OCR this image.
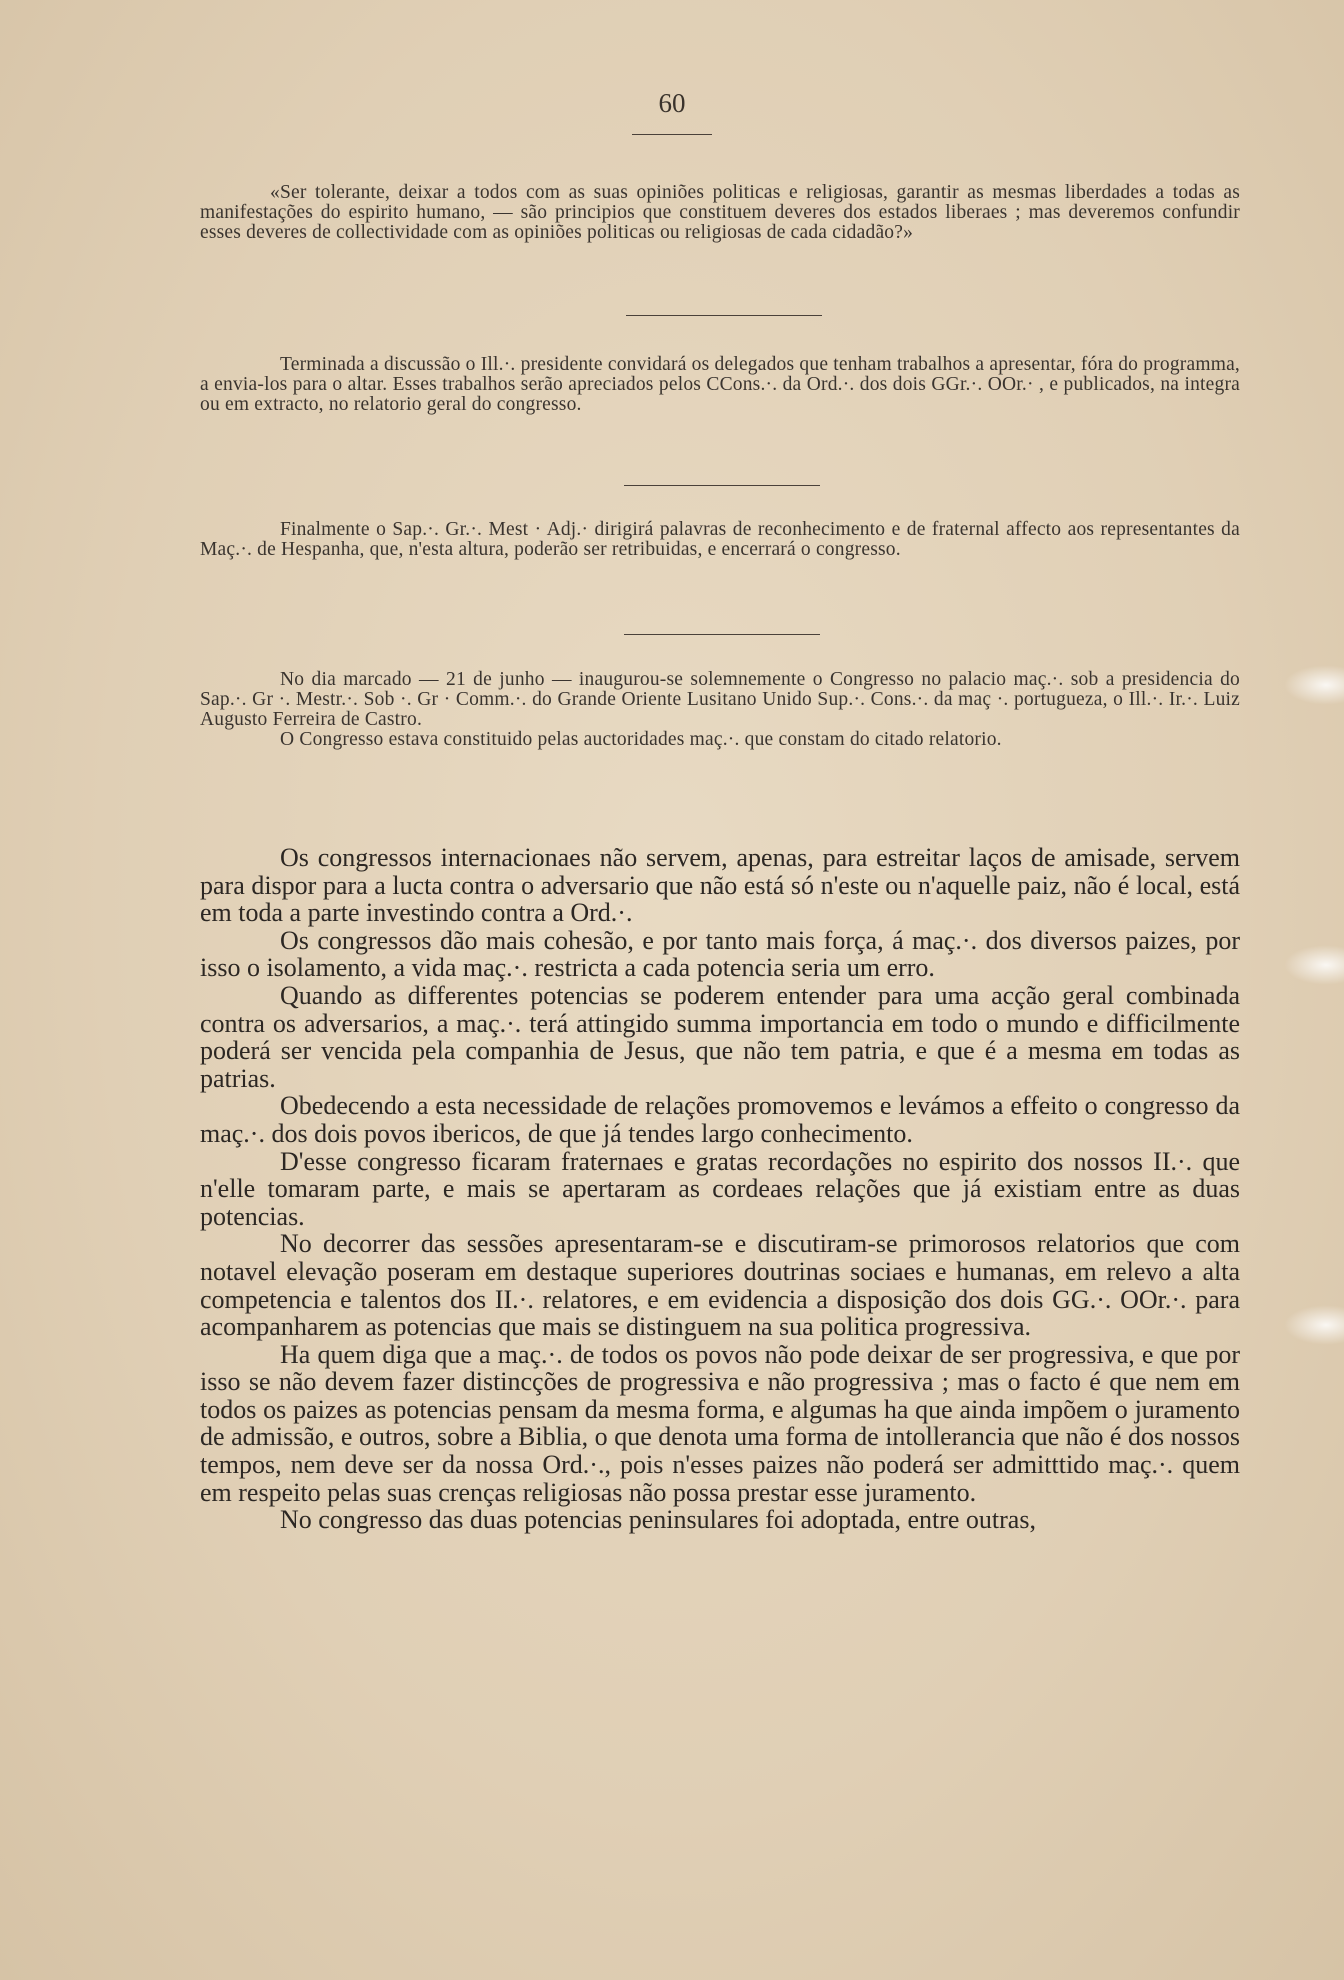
60

«Ser tolerante, deixar a todos com as suas opiniões politicas e religiosas, garantir as mesmas liberdades a todas as manifestações do espirito humano, — são principios que constituem deveres dos estados liberaes ; mas deveremos confundir esses deveres de collectividade com as opiniões politicas ou religiosas de cada cidadão?»

Terminada a discussão o Ill.·. presidente convidará os delegados que tenham trabalhos a apresentar, fóra do programma, a envia-los para o altar. Esses trabalhos serão apreciados pelos CCons.·. da Ord.·. dos dois GGr.·. OOr.· , e publicados, na integra ou em extracto, no relatorio geral do congresso.

Finalmente o Sap.·. Gr.·. Mest · Adj.· dirigirá palavras de reconhecimento e de fraternal affecto aos representantes da Maç.·. de Hespanha, que, n'esta altura, poderão ser retribuidas, e encerrará o congresso.

No dia marcado — 21 de junho — inaugurou-se solemnemente o Congresso no palacio maç.·. sob a presidencia do Sap.·. Gr ·. Mestr.·. Sob ·. Gr · Comm.·. do Grande Oriente Lusitano Unido Sup.·. Cons.·. da maç ·. portugueza, o Ill.·. Ir.·. Luiz Augusto Ferreira de Castro.

O Congresso estava constituido pelas auctoridades maç.·. que constam do citado relatorio.

Os congressos internacionaes não servem, apenas, para estreitar laços de amisade, servem para dispor para a lucta contra o adversario que não está só n'este ou n'aquelle paiz, não é local, está em toda a parte investindo contra a Ord.·.

Os congressos dão mais cohesão, e por tanto mais força, á maç.·. dos diversos paizes, por isso o isolamento, a vida maç.·. restricta a cada potencia seria um erro.

Quando as differentes potencias se poderem entender para uma acção geral combinada contra os adversarios, a maç.·. terá attingido summa importancia em todo o mundo e difficilmente poderá ser vencida pela companhia de Jesus, que não tem patria, e que é a mesma em todas as patrias.

Obedecendo a esta necessidade de relações promovemos e levámos a effeito o congresso da maç.·. dos dois povos ibericos, de que já tendes largo conhecimento.

D'esse congresso ficaram fraternaes e gratas recordações no espirito dos nossos II.·. que n'elle tomaram parte, e mais se apertaram as cordeaes relações que já existiam entre as duas potencias.

No decorrer das sessões apresentaram-se e discutiram-se primorosos relatorios que com notavel elevação poseram em destaque superiores doutrinas sociaes e humanas, em relevo a alta competencia e talentos dos II.·. relatores, e em evidencia a disposição dos dois GG.·. OOr.·. para acompanharem as potencias que mais se distinguem na sua politica progressiva.

Ha quem diga que a maç.·. de todos os povos não pode deixar de ser progressiva, e que por isso se não devem fazer distincções de progressiva e não progressiva ; mas o facto é que nem em todos os paizes as potencias pensam da mesma forma, e algumas ha que ainda impõem o juramento de admissão, e outros, sobre a Biblia, o que denota uma forma de intollerancia que não é dos nossos tempos, nem deve ser da nossa Ord.·., pois n'esses paizes não poderá ser admitttido maç.·. quem em respeito pelas suas crenças religiosas não possa prestar esse juramento.

No congresso das duas potencias peninsulares foi adoptada, entre outras,
